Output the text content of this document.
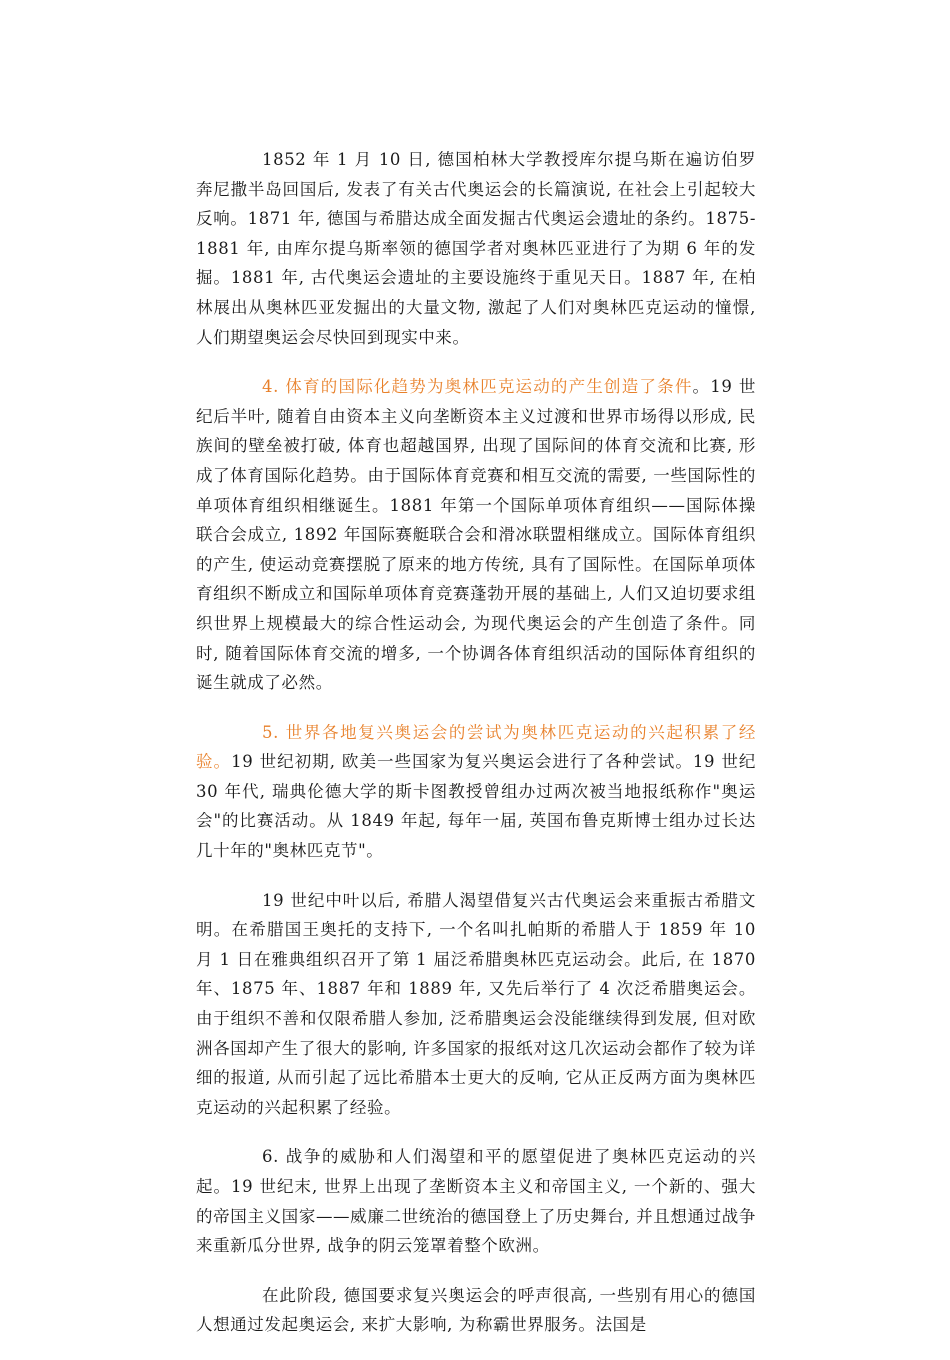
1852 年 1 月 10 日, 德国柏林大学教授库尔提乌斯在遍访伯罗奔尼撒半岛回国后, 发表了有关古代奥运会的长篇演说, 在社会上引起较大反响。1871 年, 德国与希腊达成全面发掘古代奥运会遗址的条约。1875-1881 年, 由库尔提乌斯率领的德国学者对奥林匹亚进行了为期 6 年的发掘。1881 年, 古代奥运会遗址的主要设施终于重见天日。1887 年, 在柏林展出从奥林匹亚发掘出的大量文物, 激起了人们对奥林匹克运动的憧憬, 人们期望奥运会尽快回到现实中来。

4. 体育的国际化趋势为奥林匹克运动的产生创造了条件。19 世纪后半叶, 随着自由资本主义向垄断资本主义过渡和世界市场得以形成, 民族间的壁垒被打破, 体育也超越国界, 出现了国际间的体育交流和比赛, 形成了体育国际化趋势。由于国际体育竞赛和相互交流的需要, 一些国际性的单项体育组织相继诞生。1881 年第一个国际单项体育组织——国际体操联合会成立, 1892 年国际赛艇联合会和滑冰联盟相继成立。国际体育组织的产生, 使运动竞赛摆脱了原来的地方传统, 具有了国际性。在国际单项体育组织不断成立和国际单项体育竞赛蓬勃开展的基础上, 人们又迫切要求组织世界上规模最大的综合性运动会, 为现代奥运会的产生创造了条件。同时, 随着国际体育交流的增多, 一个协调各体育组织活动的国际体育组织的诞生就成了必然。

5. 世界各地复兴奥运会的尝试为奥林匹克运动的兴起积累了经验。19 世纪初期, 欧美一些国家为复兴奥运会进行了各种尝试。19 世纪 30 年代, 瑞典伦德大学的斯卡图教授曾组办过两次被当地报纸称作"奥运会"的比赛活动。从 1849 年起, 每年一届, 英国布鲁克斯博士组办过长达几十年的"奥林匹克节"。

19 世纪中叶以后, 希腊人渴望借复兴古代奥运会来重振古希腊文明。在希腊国王奥托的支持下, 一个名叫扎帕斯的希腊人于 1859 年 10 月 1 日在雅典组织召开了第 1 届泛希腊奥林匹克运动会。此后, 在 1870 年、1875 年、1887 年和 1889 年, 又先后举行了 4 次泛希腊奥运会。由于组织不善和仅限希腊人参加, 泛希腊奥运会没能继续得到发展, 但对欧洲各国却产生了很大的影响, 许多国家的报纸对这几次运动会都作了较为详细的报道, 从而引起了远比希腊本士更大的反响, 它从正反两方面为奥林匹克运动的兴起积累了经验。

6. 战争的威胁和人们渴望和平的愿望促进了奥林匹克运动的兴起。19 世纪末, 世界上出现了垄断资本主义和帝国主义, 一个新的、强大的帝国主义国家——威廉二世统治的德国登上了历史舞台, 并且想通过战争来重新瓜分世界, 战争的阴云笼罩着整个欧洲。

在此阶段, 德国要求复兴奥运会的呼声很高, 一些别有用心的德国人想通过发起奥运会, 来扩大影响, 为称霸世界服务。法国是
